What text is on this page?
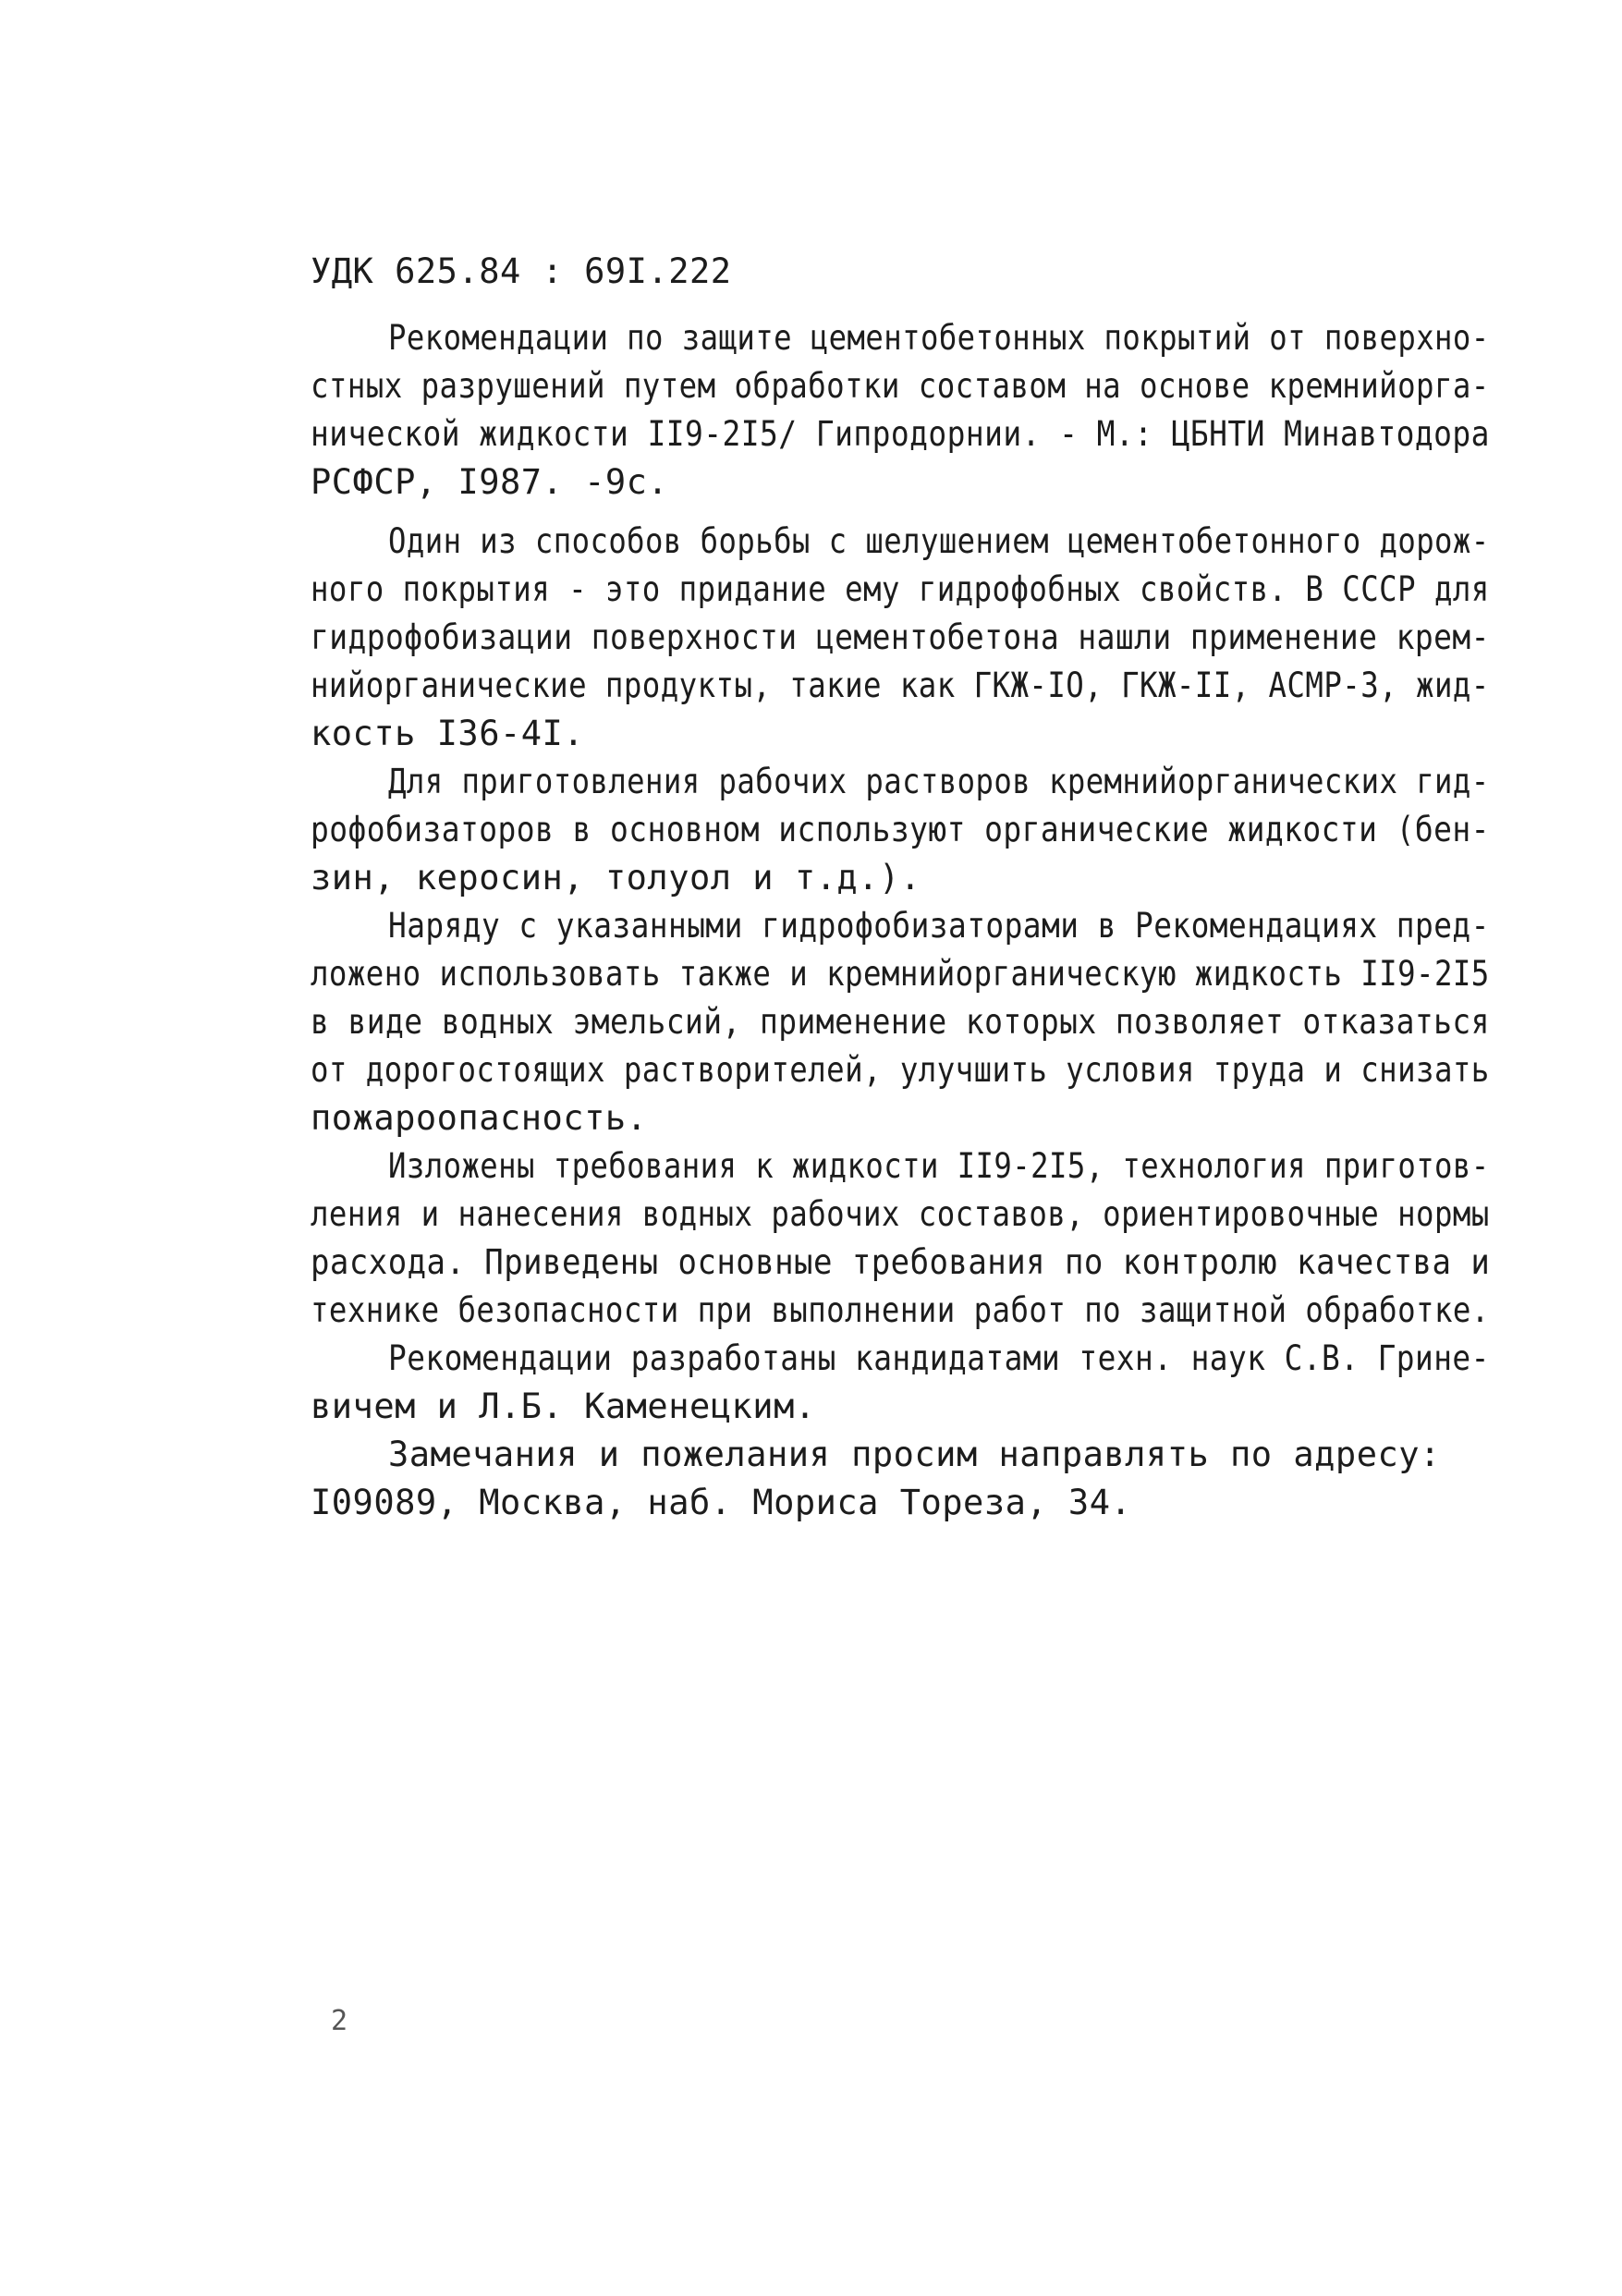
УДК 625.84 : 69I.222
Рекомендации по защите цементобетонных покрытий от поверхно-
стных разрушений путем обработки составом на основе кремнийорга-
нической жидкости II9-2I5/ Гипродорнии. - М.: ЦБНТИ Минавтодора
РСФСР, I987. -9с.
Один из способов борьбы с шелушением цементобетонного дорож-
ного покрытия - это придание ему гидрофобных свойств. В СССР для
гидрофобизации поверхности цементобетона нашли применение крем-
нийорганические продукты, такие как ГКЖ-IO, ГКЖ-II, АСМР-3, жид-
кость I36-4I.
Для приготовления рабочих растворов кремнийорганических гид-
рофобизаторов в основном используют органические жидкости (бен-
зин, керосин, толуол и т.д.).
Наряду с указанными гидрофобизаторами в Рекомендациях пред-
ложено использовать также и кремнийорганическую жидкость II9-2I5
в виде водных эмельсий, применение которых позволяет отказаться
от дорогостоящих растворителей, улучшить условия труда и снизать
пожароопасность.
Изложены требования к жидкости II9-2I5, технология приготов-
ления и нанесения водных рабочих составов, ориентировочные нормы
расхода. Приведены основные требования по контролю качества и
технике безопасности при выполнении работ по защитной обработке.
Рекомендации разработаны кандидатами техн. наук С.В. Грине-
вичем и Л.Б. Каменецким.
Замечания и пожелания просим направлять по адресу:
I09089, Москва, наб. Мориса Тореза, 34.
2
